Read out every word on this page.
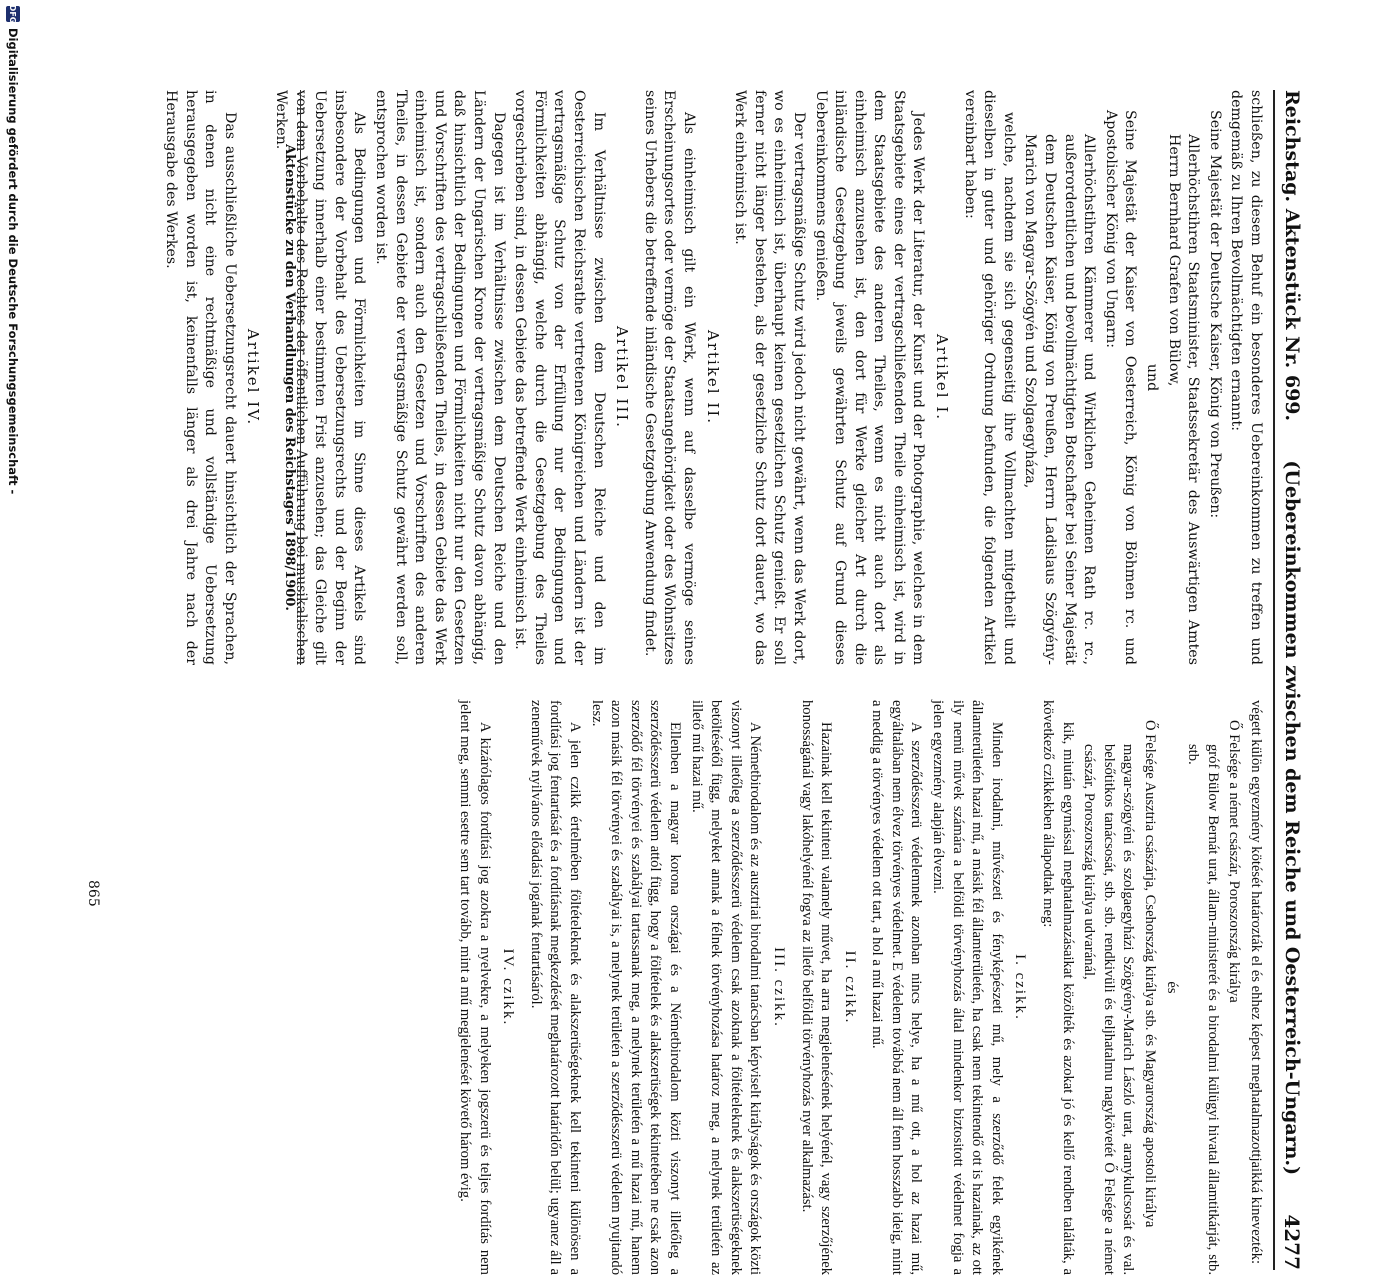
Reichstag. Aktenstück Nr. 699.
(Uebereinkommen zwischen dem Reiche und Oesterreich-Ungarn.)
4277

schließen, zu diesem Behuf ein besonderes Uebereinkommen zu treffen und demgemäß zu Ihren Bevollmächtigten ernannt:

Seine Majestät der Deutsche Kaiser, König von Preußen:

Allerhöchstihren Staatsminister, Staatssekretär des Auswärtigen Amtes Herrn Bernhard Grafen von Bülow,

und

Seine Majestät der Kaiser von Oesterreich, König von Böhmen rc. und Apostolischer König von Ungarn:

Allerhöchstihren Kämmerer und Wirklichen Geheimen Rath rc. rc., außerordentlichen und bevollmächtigten Botschafter bei Seiner Majestät dem Deutschen Kaiser, König von Preußen, Herrn Ladislaus Szögyény-Marich von Magyar-Szögyén und Szolgaegyháza,

welche, nachdem sie sich gegenseitig ihre Vollmachten mitgetheilt und dieselben in guter und gehöriger Ordnung befunden, die folgenden Artikel vereinbart haben:

Artikel I.

Jedes Werk der Literatur, der Kunst und der Photographie, welches in dem Staatsgebiete eines der vertragschließenden Theile einheimisch ist, wird in dem Staatsgebiete des anderen Theiles, wenn es nicht auch dort als einheimisch anzusehen ist, den dort für Werke gleicher Art durch die inländische Gesetzgebung jeweils gewährten Schutz auf Grund dieses Uebereinkommens genießen.

Der vertragsmäßige Schutz wird jedoch nicht gewährt, wenn das Werk dort, wo es einheimisch ist, überhaupt keinen gesetzlichen Schutz genießt. Er soll ferner nicht länger bestehen, als der gesetzliche Schutz dort dauert, wo das Werk einheimisch ist.

Artikel II.

Als einheimisch gilt ein Werk, wenn auf dasselbe vermöge seines Erscheinungsortes oder vermöge der Staatsangehörigkeit oder des Wohnsitzes seines Urhebers die betreffende inländische Gesetzgebung Anwendung findet.

Artikel III.

Im Verhältnisse zwischen dem Deutschen Reiche und den im Oesterreichischen Reichsrathe vertretenen Königreichen und Ländern ist der vertragsmäßige Schutz von der Erfüllung nur der Bedingungen und Förmlichkeiten abhängig, welche durch die Gesetzgebung des Theiles vorgeschrieben sind, in dessen Gebiete das betreffende Werk einheimisch ist.

Dagegen ist im Verhältnisse zwischen dem Deutschen Reiche und den Ländern der Ungarischen Krone der vertragsmäßige Schutz davon abhängig, daß hinsichtlich der Bedingungen und Förmlichkeiten nicht nur den Gesetzen und Vorschriften des vertragschließenden Theiles, in dessen Gebiete das Werk einheimisch ist, sondern auch den Gesetzen und Vorschriften des anderen Theiles, in dessen Gebiete der vertragsmäßige Schutz gewährt werden soll, entsprochen worden ist.

Als Bedingungen und Förmlichkeiten im Sinne dieses Artikels sind insbesondere der Vorbehalt des Uebersetzungsrechts und der Beginn der Uebersetzung innerhalb einer bestimmten Frist anzusehen; das Gleiche gilt von dem Vorbehalte des Rechtes der öffentlichen Aufführung bei musikalischen Werken.

Artikel IV.

Das ausschließliche Uebersetzungsrecht dauert hinsichtlich der Sprachen, in denen nicht eine rechtmäßige und vollständige Uebersetzung herausgegeben worden ist, keinenfalls länger als drei Jahre nach der Herausgabe des Werkes.	Aktenstücke zu den Verhandlungen des Reichstages 1898/1900.

végett külön egyezmény kötését határozták el és ehhez képest meghatalmazottjaikká kinevezték:

Ő Felsége a német császár, Poroszország királya

gróf Bülow Bernát urat, állam-ministerét és a birodalmi külügyi hivatal államtitkárját, stb. stb.

és

Ő Felsége Ausztria császárja, Csehország királya stb. és Magyarország apostoli királya

magyar-szögyéni és szolgaegyházi Szögyény-Marich László urat, aranykulcsosát és val. belsőtitkos tanácsosát, stb. stb. rendkivüli és teljhatalmu nagykövetét Ő Felsége a német császár, Poroszország királya udvaránál,

kik, miután egymással meghatalmazásaikat közölték és azokat jó és kellő rendben találták, a következő czikkekben állapodtak meg:

I. czikk.

Minden irodalmi, művészeti és fényképészeti mű, mely a szerződő felek egyikének államterületén hazai mű, a másik fél államterületén, ha csak nem tekintendő ott is hazainak, az ott ily nemü művek számára a belföldi törvényhozás által mindenkor biztositott védelmet fogja a jelen egyezmény alapján élvezni.

A szerződésszerü védelemnek azonban nincs helye, ha a mű ott, a hol az hazai mű, egyáltalában nem élvez törvényes védelmet. E védelem továbbá nem áll fenn hosszabb ideig, mint a meddig a törvényes védelem ott tart, a hol a mű hazai mű.

II. czikk.

Hazainak kell tekinteni valamely művet, ha arra megjelenésének helyénél, vagy szerzőjének honosságánál vagy lakóhelyénél fogva az illető belföldi törvényhozás nyer alkalmazást.

III. czikk.

A Németbirodalom és az ausztriai birodalmi tanácsban képviselt királyságok és országok közti viszonyt illetőleg a szerződésszerü védelem csak azoknak a föltételeknek és alakszerüségeknek betöltésétől függ, melyeket annak a félnek törvényhozása határoz meg, a melynek területén az illető mű hazai mű.

Ellenben a magyar korona országai és a Németbirodalom közti viszonyt illetőleg a szerződésszerü védelem attól függ, hogy a föltételek és alakszerüségek tekintetében ne csak azon szerződő fél törvényei és szabályai tartassanak meg, a melynek területén a mű hazai mű, hanem azon másik fél törvényei és szabályai is, a melynek területén a szerződésszerü védelem nyujtandó lesz.

A jelen czikk értelmében föltételeknek és alakszerüségeknek kell tekinteni különösen a fordítási jog fentartását és a fordításnak megkezdését meghatározott határidőn belül; ugyanez áll a zeneművek nyilvános előadási jogának fentartásáról.

IV. czikk.

A kizárólagos fordítási jog azokra a nyelvekre, a melyeken jogszerü és teljes fordítás nem jelent meg, semmi esetre sem tart tovább, mint a mű megjelenését követő három évig.

865
DFG
Digitalisierung gefördert durch die Deutsche Forschungsgemeinschaft -
